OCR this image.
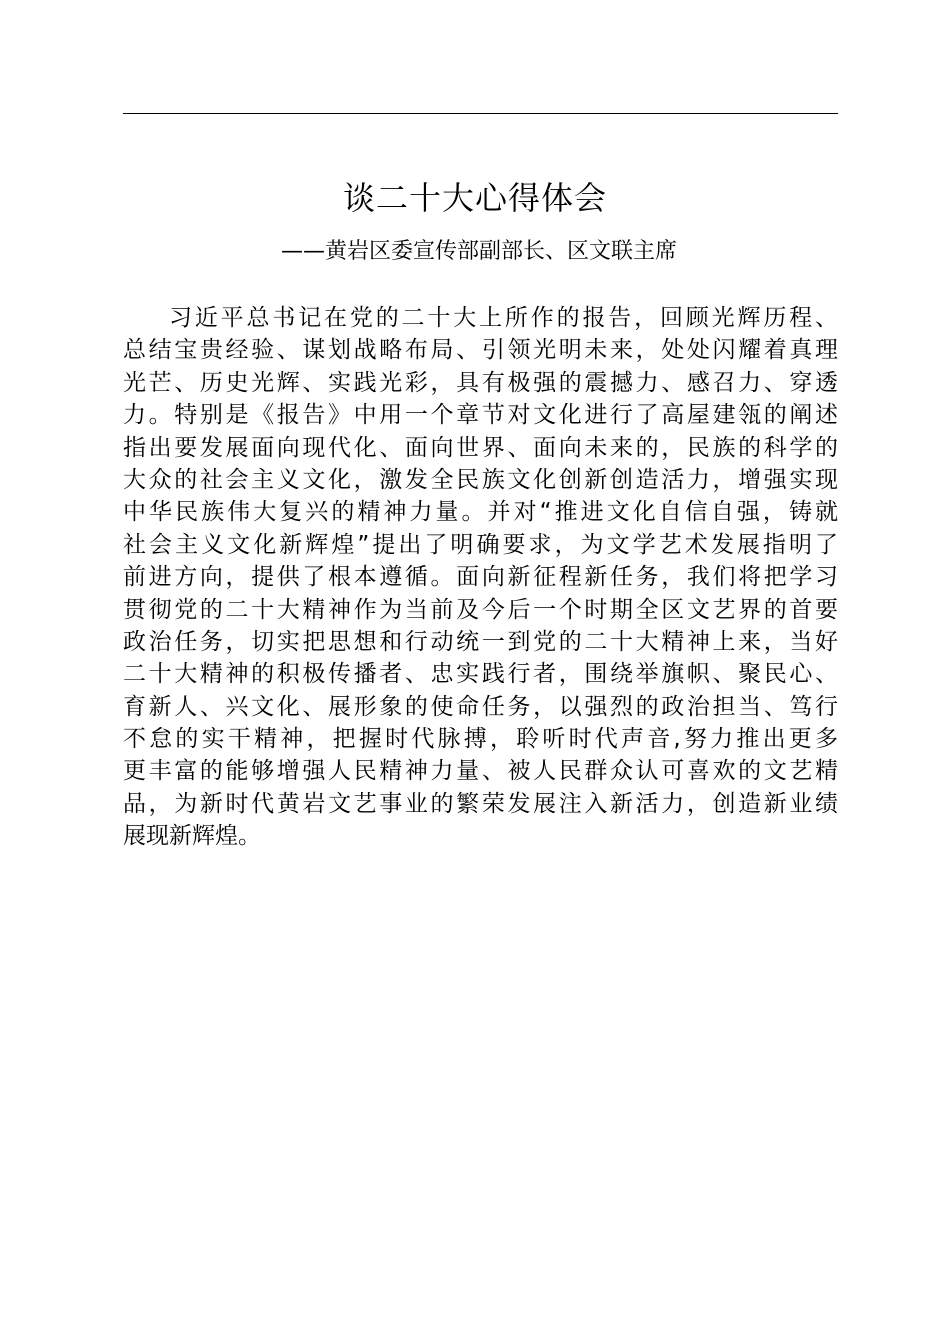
谈二十大心得体会
——黄岩区委宣传部副部长、区文联主席
习近平总书记在党的二十大上所作的报告，回顾光辉历程、
总结宝贵经验、谋划战略布局、引领光明未来，处处闪耀着真理
光芒、历史光辉、实践光彩，具有极强的震撼力、感召力、穿透
力。特别是《报告》中用一个章节对文化进行了高屋建瓴的阐述
指出要发展面向现代化、面向世界、面向未来的，民族的科学的
大众的社会主义文化，激发全民族文化创新创造活力，增强实现
中华民族伟大复兴的精神力量。并对“推进文化自信自强，铸就
社会主义文化新辉煌”提出了明确要求，为文学艺术发展指明了
前进方向，提供了根本遵循。面向新征程新任务，我们将把学习
贯彻党的二十大精神作为当前及今后一个时期全区文艺界的首要
政治任务，切实把思想和行动统一到党的二十大精神上来，当好
二十大精神的积极传播者、忠实践行者，围绕举旗帜、聚民心、
育新人、兴文化、展形象的使命任务，以强烈的政治担当、笃行
不怠的实干精神，把握时代脉搏，聆听时代声音,努力推出更多
更丰富的能够增强人民精神力量、被人民群众认可喜欢的文艺精
品，为新时代黄岩文艺事业的繁荣发展注入新活力，创造新业绩
展现新辉煌。
